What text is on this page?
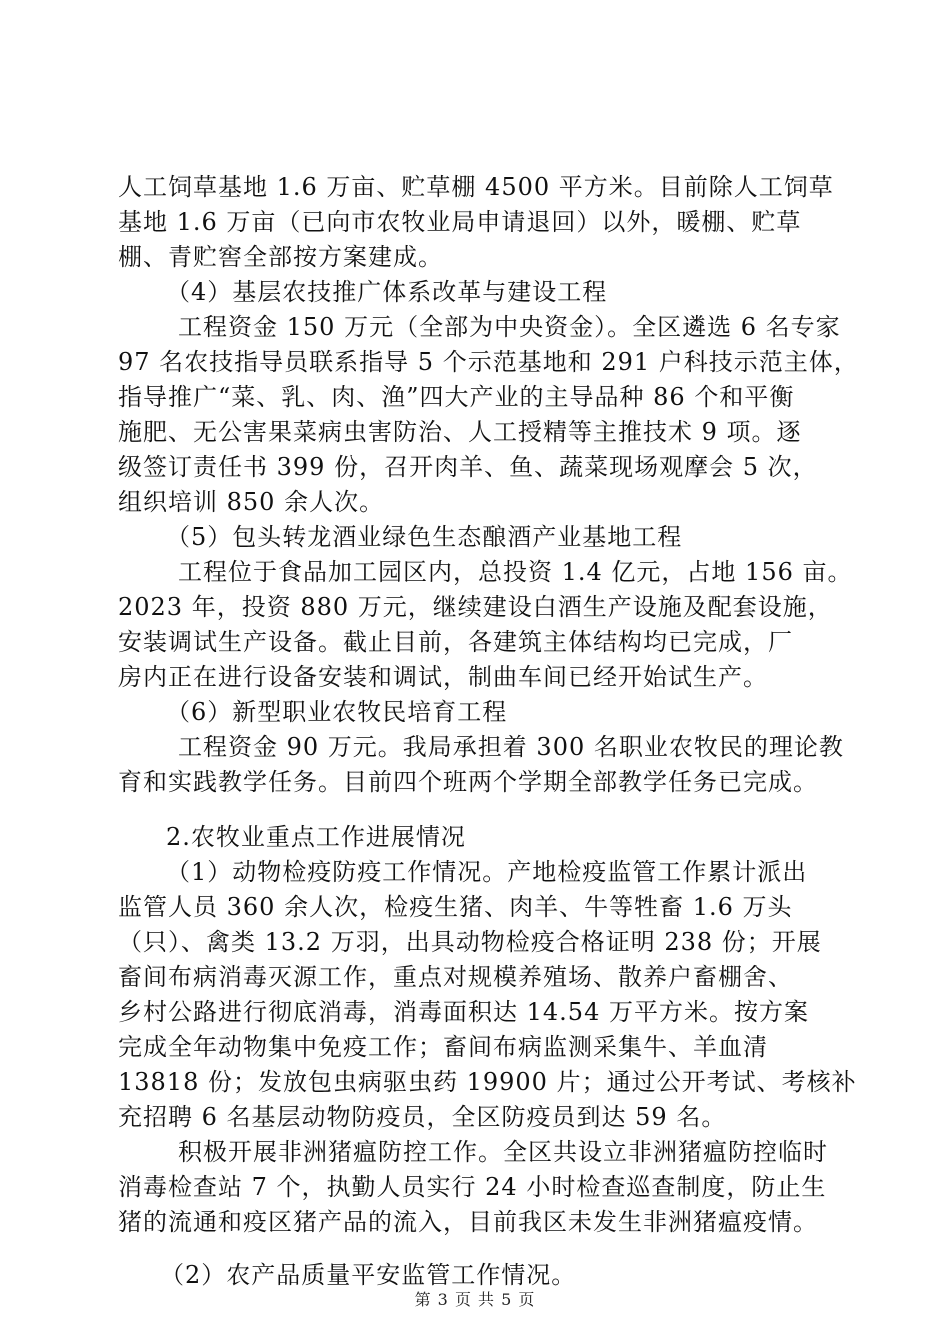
人工饲草基地 1.6 万亩、贮草棚 4500 平方米。目前除人工饲草
基地 1.6 万亩（已向市农牧业局申请退回）以外，暖棚、贮草
棚、青贮窖全部按方案建成。
（4）基层农技推广体系改革与建设工程
工程资金 150 万元（全部为中央资金）。全区遴选 6 名专家
97 名农技指导员联系指导 5 个示范基地和 291 户科技示范主体，
指导推广“菜、乳、肉、渔”四大产业的主导品种 86 个和平衡
施肥、无公害果菜病虫害防治、人工授精等主推技术 9 项。逐
级签订责任书 399 份，召开肉羊、鱼、蔬菜现场观摩会 5 次，
组织培训 850 余人次。
（5）包头转龙酒业绿色生态酿酒产业基地工程
工程位于食品加工园区内，总投资 1.4 亿元，占地 156 亩。
2023 年，投资 880 万元，继续建设白酒生产设施及配套设施，
安装调试生产设备。截止目前，各建筑主体结构均已完成，厂
房内正在进行设备安装和调试，制曲车间已经开始试生产。
（6）新型职业农牧民培育工程
工程资金 90 万元。我局承担着 300 名职业农牧民的理论教
育和实践教学任务。目前四个班两个学期全部教学任务已完成。
2.农牧业重点工作进展情况
（1）动物检疫防疫工作情况。产地检疫监管工作累计派出
监管人员 360 余人次，检疫生猪、肉羊、牛等牲畜 1.6 万头
（只）、禽类 13.2 万羽，出具动物检疫合格证明 238 份；开展
畜间布病消毒灭源工作，重点对规模养殖场、散养户畜棚舍、
乡村公路进行彻底消毒，消毒面积达 14.54 万平方米。按方案
完成全年动物集中免疫工作；畜间布病监测采集牛、羊血清
13818 份；发放包虫病驱虫药 19900 片；通过公开考试、考核补
充招聘 6 名基层动物防疫员，全区防疫员到达 59 名。
积极开展非洲猪瘟防控工作。全区共设立非洲猪瘟防控临时
消毒检查站 7 个，执勤人员实行 24 小时检查巡查制度，防止生
猪的流通和疫区猪产品的流入，目前我区未发生非洲猪瘟疫情。
（2）农产品质量平安监管工作情况。
第 3 页 共 5 页
